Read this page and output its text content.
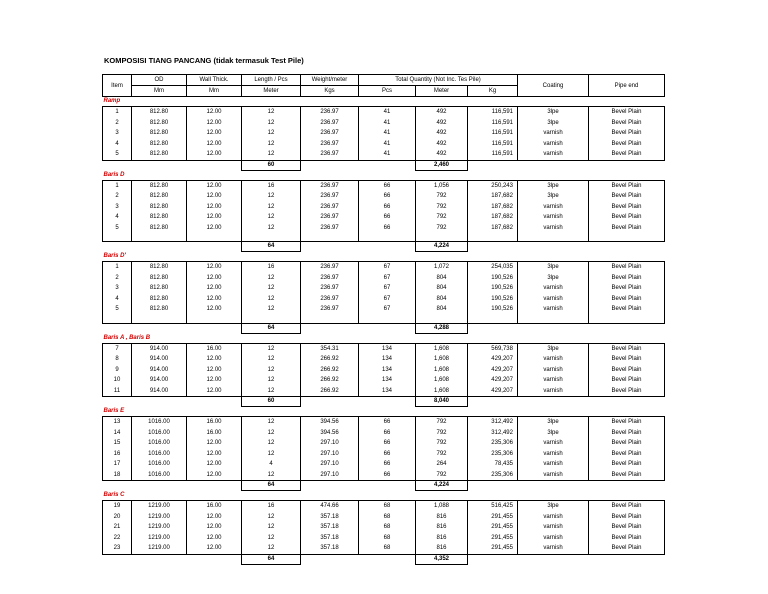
KOMPOSISI TIANG PANCANG (tidak termasuk Test Pile)
Item	OD	Wall Thick.	Length / Pcs	Weight/meter	Total Quantity (Not Inc. Tes Pile)			Coating	Pipe end
	Mm	Mm	Meter	Kgs	Pcs	Meter	Kg		
Ramp									
1	812.80	12.00	12	236.97	41	492	116,591	3lpe	Bevel Plain
2	812.80	12.00	12	236.97	41	492	116,591	3lpe	Bevel Plain
3	812.80	12.00	12	236.97	41	492	116,591	varnish	Bevel Plain
4	812.80	12.00	12	236.97	41	492	116,591	varnish	Bevel Plain
5	812.80	12.00	12	236.97	41	492	116,591	varnish	Bevel Plain
			60			2,460			
Baris D									
1	812.80	12.00	16	236.97	66	1,056	250,243	3lpe	Bevel Plain
2	812.80	12.00	12	236.97	66	792	187,682	3lpe	Bevel Plain
3	812.80	12.00	12	236.97	66	792	187,682	varnish	Bevel Plain
4	812.80	12.00	12	236.97	66	792	187,682	varnish	Bevel Plain
5	812.80	12.00	12	236.97	66	792	187,682	varnish	Bevel Plain

			64			4,224			
Baris D'									
1	812.80	12.00	16	236.97	67	1,072	254,035	3lpe	Bevel Plain
2	812.80	12.00	12	236.97	67	804	190,526	3lpe	Bevel Plain
3	812.80	12.00	12	236.97	67	804	190,526	varnish	Bevel Plain
4	812.80	12.00	12	236.97	67	804	190,526	varnish	Bevel Plain
5	812.80	12.00	12	236.97	67	804	190,526	varnish	Bevel Plain

			64			4,288			
Baris A , Baris B									
7	914.00	16.00	12	354.31	134	1,608	569,738	3lpe	Bevel Plain
8	914.00	12.00	12	266.92	134	1,608	429,207	varnish	Bevel Plain
9	914.00	12.00	12	266.92	134	1,608	429,207	varnish	Bevel Plain
10	914.00	12.00	12	266.92	134	1,608	429,207	varnish	Bevel Plain
11	914.00	12.00	12	266.92	134	1,608	429,207	varnish	Bevel Plain
			60			8,040			
Baris E									
13	1016.00	16.00	12	394.56	66	792	312,492	3lpe	Bevel Plain
14	1016.00	16.00	12	394.56	66	792	312,492	3lpe	Bevel Plain
15	1016.00	12.00	12	297.10	66	792	235,306	varnish	Bevel Plain
16	1016.00	12.00	12	297.10	66	792	235,306	varnish	Bevel Plain
17	1016.00	12.00	4	297.10	66	264	78,435	varnish	Bevel Plain
18	1016.00	12.00	12	297.10	66	792	235,306	varnish	Bevel Plain
			64			4,224			
Baris C									
19	1219.00	16.00	16	474.66	68	1,088	516,425	3lpe	Bevel Plain
20	1219.00	12.00	12	357.18	68	816	291,455	varnish	Bevel Plain
21	1219.00	12.00	12	357.18	68	816	291,455	varnish	Bevel Plain
22	1219.00	12.00	12	357.18	68	816	291,455	varnish	Bevel Plain
23	1219.00	12.00	12	357.18	68	816	291,455	varnish	Bevel Plain
			64			4,352			
